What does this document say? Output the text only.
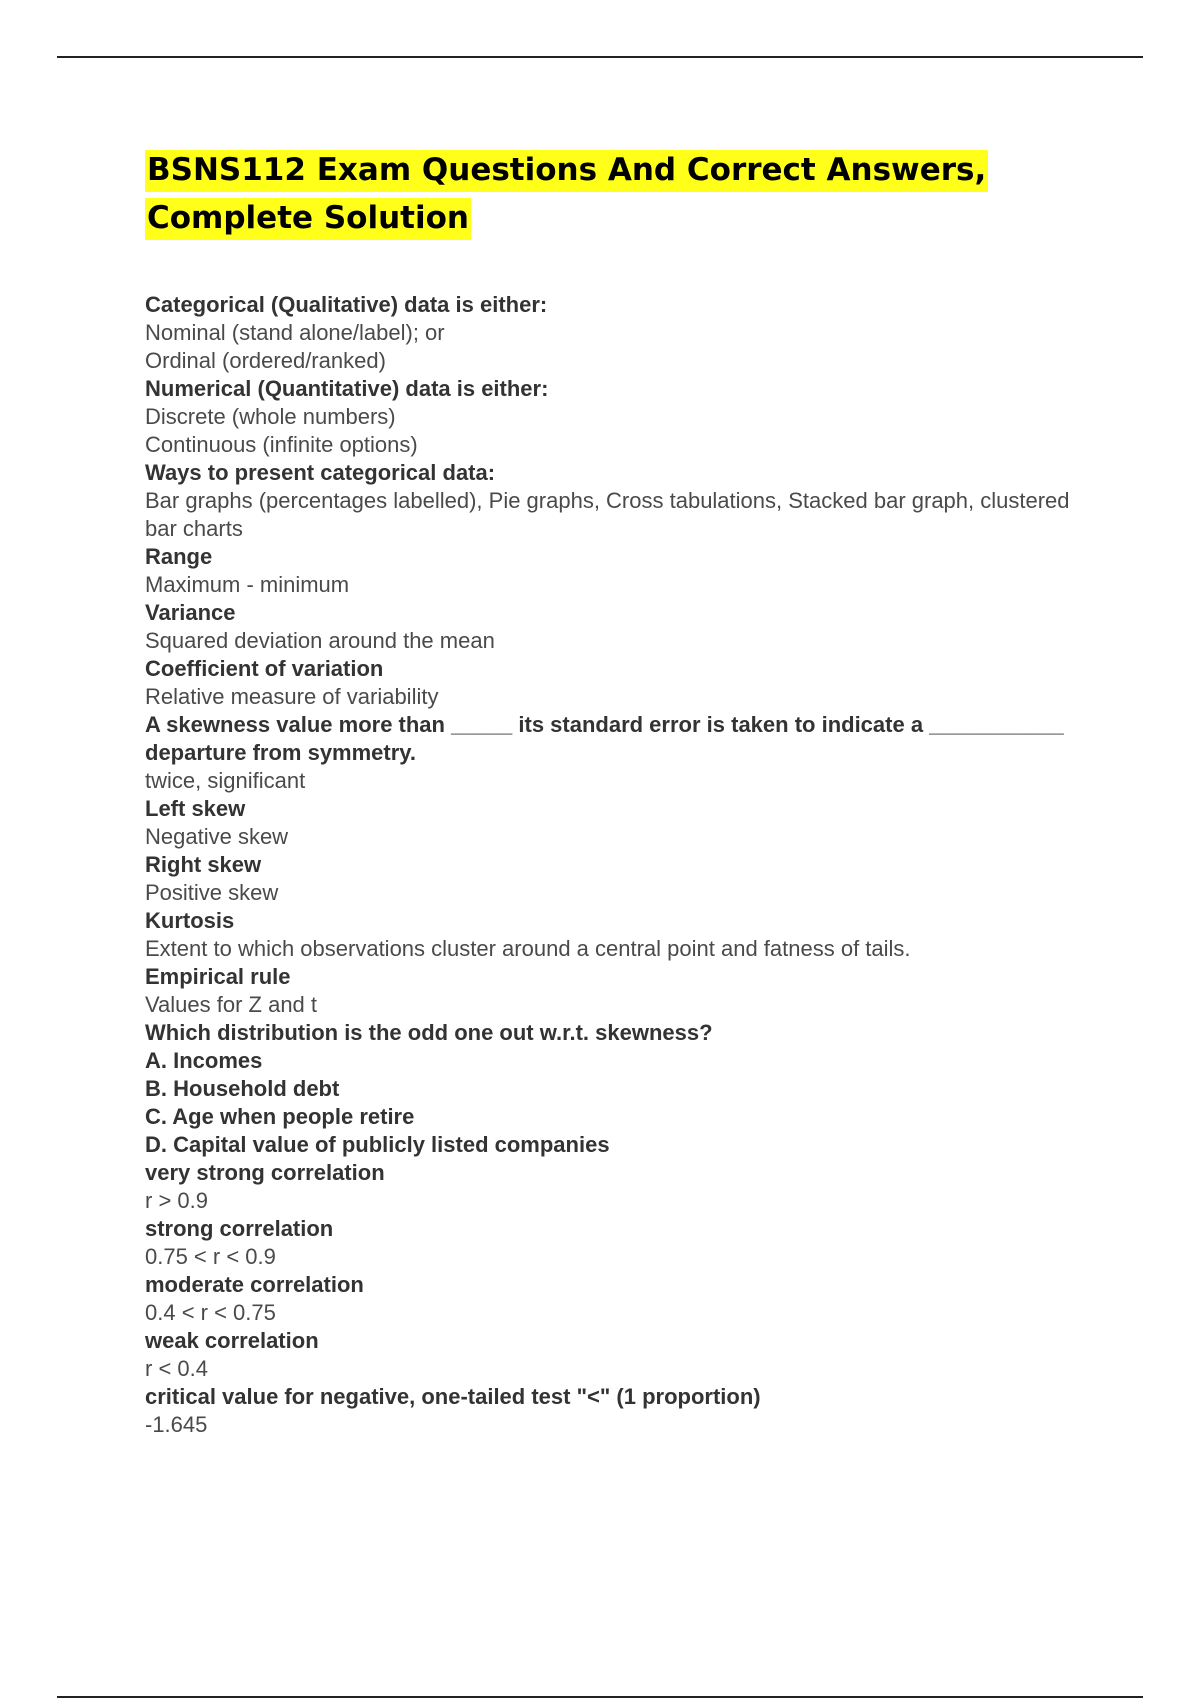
BSNS112 Exam Questions And Correct Answers, Complete Solution

Categorical (Qualitative) data is either:

Nominal (stand alone/label); or

Ordinal (ordered/ranked)

Numerical (Quantitative) data is either:

Discrete (whole numbers)

Continuous (infinite options)

Ways to present categorical data:

Bar graphs (percentages labelled), Pie graphs, Cross tabulations, Stacked bar graph, clustered bar charts

Range

Maximum - minimum

Variance

Squared deviation around the mean

Coefficient of variation

Relative measure of variability

A skewness value more than _____ its standard error is taken to indicate a ___________ departure from symmetry.

twice, significant

Left skew

Negative skew

Right skew

Positive skew

Kurtosis

Extent to which observations cluster around a central point and fatness of tails.

Empirical rule

Values for Z and t

Which distribution is the odd one out w.r.t. skewness?
A. Incomes
B. Household debt
C. Age when people retire
D. Capital value of publicly listed companies

very strong correlation

r > 0.9

strong correlation

0.75 < r < 0.9

moderate correlation

0.4 < r < 0.75

weak correlation

r < 0.4

critical value for negative, one-tailed test "<" (1 proportion)

-1.645
